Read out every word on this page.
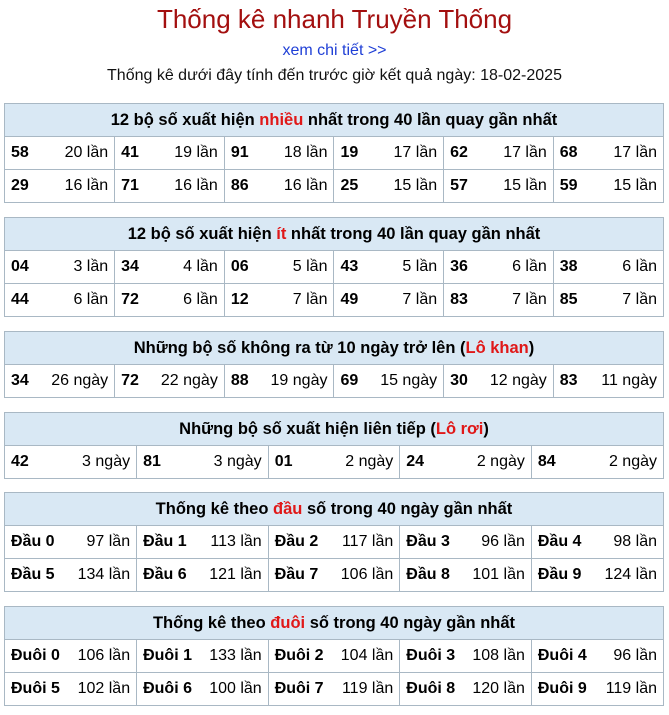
Thống kê nhanh Truyền Thống
xem chi tiết >>
Thống kê dưới đây tính đến trước giờ kết quả ngày: 18-02-2025
12 bộ số xuất hiện nhiều nhất trong 40 lần quay gần nhất
58 20 lần	41 19 lần	91 18 lần	19 17 lần	62 17 lần	68 17 lần

29 16 lần	71 16 lần	86 16 lần	25 15 lần	57 15 lần	59 15 lần
12 bộ số xuất hiện ít nhất trong 40 lần quay gần nhất
04 3 lần	34 4 lần	06 5 lần	43 5 lần	36 6 lần	38 6 lần

44 6 lần	72 6 lần	12 7 lần	49 7 lần	83 7 lần	85 7 lần
Những bộ số không ra từ 10 ngày trở lên (Lô khan)
34 26 ngày	72 22 ngày	88 19 ngày	69 15 ngày	30 12 ngày	83 11 ngày
Những bộ số xuất hiện liên tiếp (Lô rơi)
42	3 ngày	81	3 ngày	01	2 ngày	24	2 ngày	84	2 ngày
Thống kê theo đầu số trong 40 ngày gần nhất
Đầu 0 97 lần	Đầu 1 113 lần	Đầu 2 117 lần	Đầu 3 96 lần	Đầu 4 98 lần

Đầu 5 134 lần	Đầu 6 121 lần	Đầu 7 106 lần	Đầu 8 101 lần	Đầu 9 124 lần
Thống kê theo đuôi số trong 40 ngày gần nhất
Đuôi 0 106 lần	Đuôi 1 133 lần	Đuôi 2 104 lần	Đuôi 3 108 lần	Đuôi 4 96 lần

Đuôi 5 102 lần	Đuôi 6 100 lần	Đuôi 7 119 lần	Đuôi 8 120 lần	Đuôi 9 119 lần
